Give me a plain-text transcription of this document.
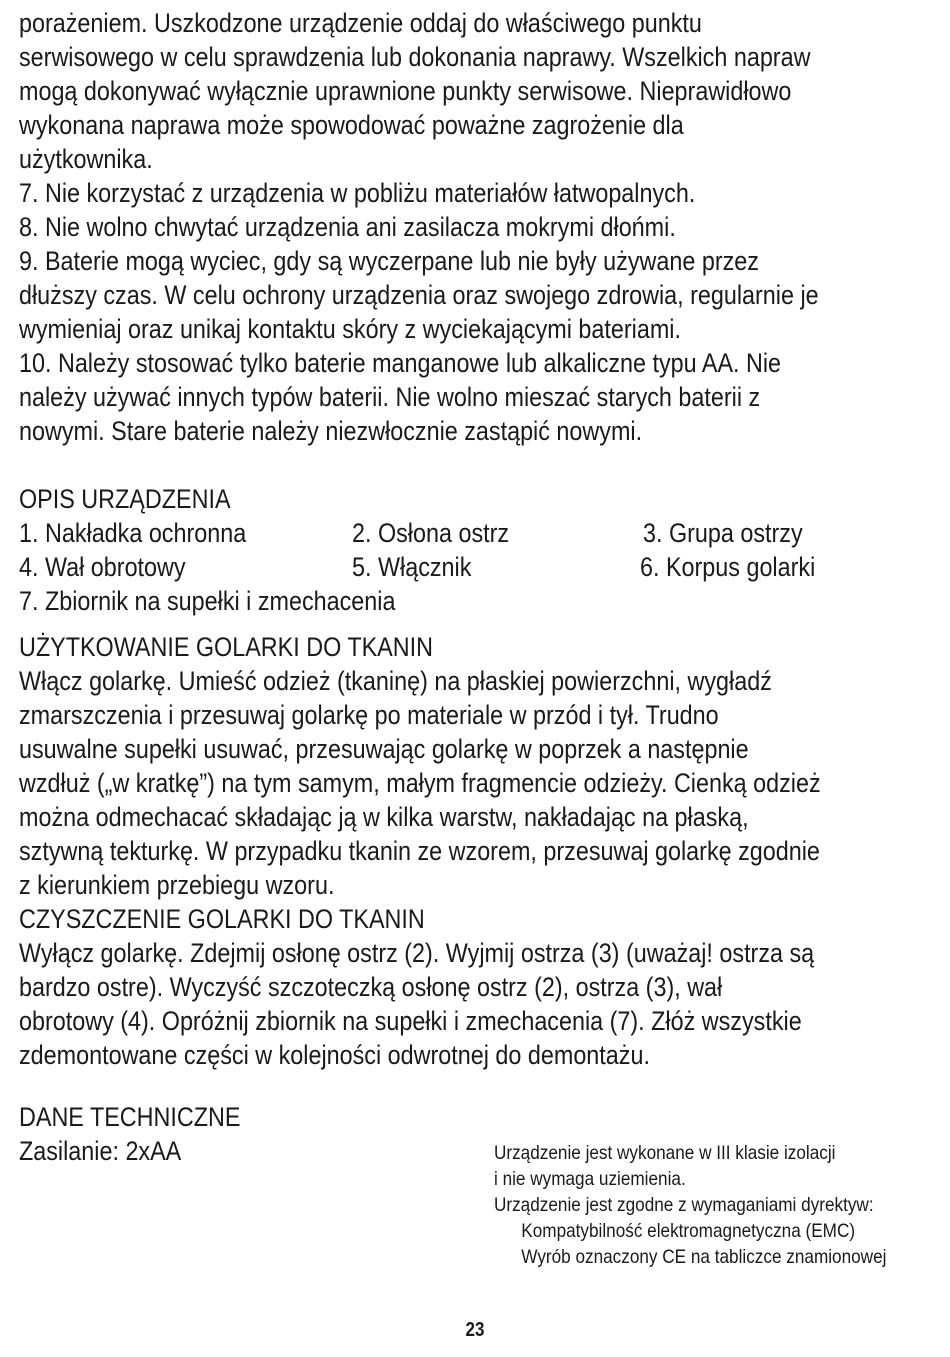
porażeniem. Uszkodzone urządzenie oddaj do właściwego punktu
serwisowego w celu sprawdzenia lub dokonania naprawy. Wszelkich napraw
mogą dokonywać wyłącznie uprawnione punkty serwisowe. Nieprawidłowo
wykonana naprawa może spowodować poważne zagrożenie dla
użytkownika.
7. Nie korzystać z urządzenia w pobliżu materiałów łatwopalnych.
8. Nie wolno chwytać urządzenia ani zasilacza mokrymi dłońmi.
9. Baterie mogą wyciec, gdy są wyczerpane lub nie były używane przez
dłuższy czas. W celu ochrony urządzenia oraz swojego zdrowia, regularnie je
wymieniaj oraz unikaj kontaktu skóry z wyciekającymi bateriami.
10. Należy stosować tylko baterie manganowe lub alkaliczne typu AA. Nie
należy używać innych typów baterii. Nie wolno mieszać starych baterii z
nowymi. Stare baterie należy niezwłocznie zastąpić nowymi.
OPIS URZĄDZENIA
1. Nakładka ochronna	2. Osłona ostrz	3. Grupa ostrzy
4. Wał obrotowy	5. Włącznik	6. Korpus golarki
7. Zbiornik na supełki i zmechacenia
UŻYTKOWANIE GOLARKI DO TKANIN
Włącz golarkę. Umieść odzież (tkaninę) na płaskiej powierzchni, wygładź
zmarszczenia i przesuwaj golarkę po materiale w przód i tył. Trudno
usuwalne supełki usuwać, przesuwając golarkę w poprzek a następnie
wzdłuż („w kratkę”) na tym samym, małym fragmencie odzieży. Cienką odzież
można odmechacać składając ją w kilka warstw, nakładając na płaską,
sztywną tekturkę. W przypadku tkanin ze wzorem, przesuwaj golarkę zgodnie
z kierunkiem przebiegu wzoru.
CZYSZCZENIE GOLARKI DO TKANIN
Wyłącz golarkę. Zdejmij osłonę ostrz (2). Wyjmij ostrza (3) (uważaj! ostrza są
bardzo ostre). Wyczyść szczoteczką osłonę ostrz (2), ostrza (3), wał
obrotowy (4). Opróżnij zbiornik na supełki i zmechacenia (7). Złóż wszystkie
zdemontowane części w kolejności odwrotnej do demontażu.
DANE TECHNICZNE
Zasilanie: 2xAA	Urządzenie jest wykonane w III klasie izolacji
i nie wymaga uziemienia.
Urządzenie jest zgodne z wymaganiami dyrektyw:
Kompatybilność elektromagnetyczna (EMC)
Wyrób oznaczony CE na tabliczce znamionowej
23
